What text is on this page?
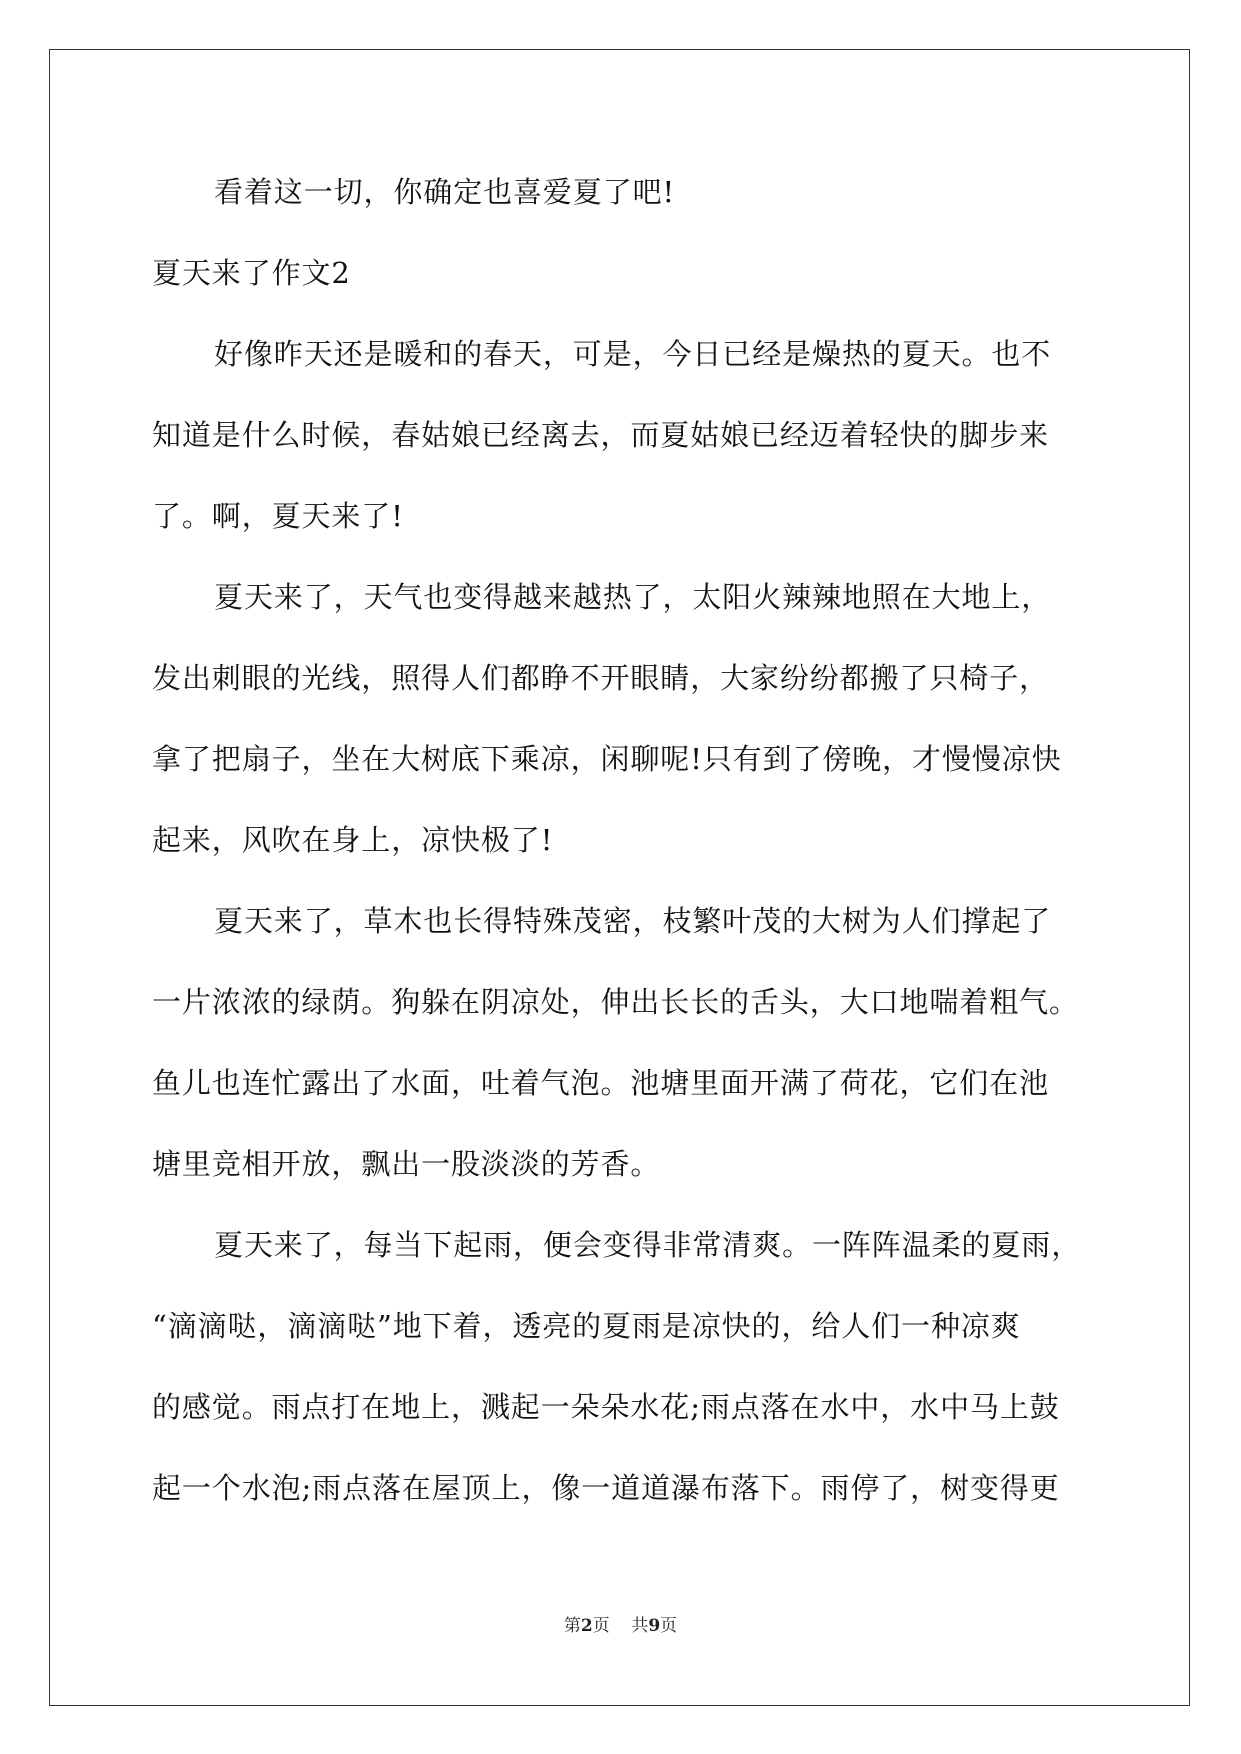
看着这一切，你确定也喜爱夏了吧!
夏天来了作文2
好像昨天还是暖和的春天，可是，今日已经是燥热的夏天。也不
知道是什么时候，春姑娘已经离去，而夏姑娘已经迈着轻快的脚步来
了。啊，夏天来了!
夏天来了，天气也变得越来越热了，太阳火辣辣地照在大地上，
发出刺眼的光线，照得人们都睁不开眼睛，大家纷纷都搬了只椅子，
拿了把扇子，坐在大树底下乘凉，闲聊呢!只有到了傍晚，才慢慢凉快
起来，风吹在身上，凉快极了!
夏天来了，草木也长得特殊茂密，枝繁叶茂的大树为人们撑起了
一片浓浓的绿荫。狗躲在阴凉处，伸出长长的舌头，大口地喘着粗气。
鱼儿也连忙露出了水面，吐着气泡。池塘里面开满了荷花，它们在池
塘里竞相开放，飘出一股淡淡的芳香。
夏天来了，每当下起雨，便会变得非常清爽。一阵阵温柔的夏雨，
“滴滴哒，滴滴哒”地下着，透亮的夏雨是凉快的，给人们一种凉爽
的感觉。雨点打在地上，溅起一朵朵水花;雨点落在水中，水中马上鼓
起一个水泡;雨点落在屋顶上，像一道道瀑布落下。雨停了，树变得更
第2页 共9页
